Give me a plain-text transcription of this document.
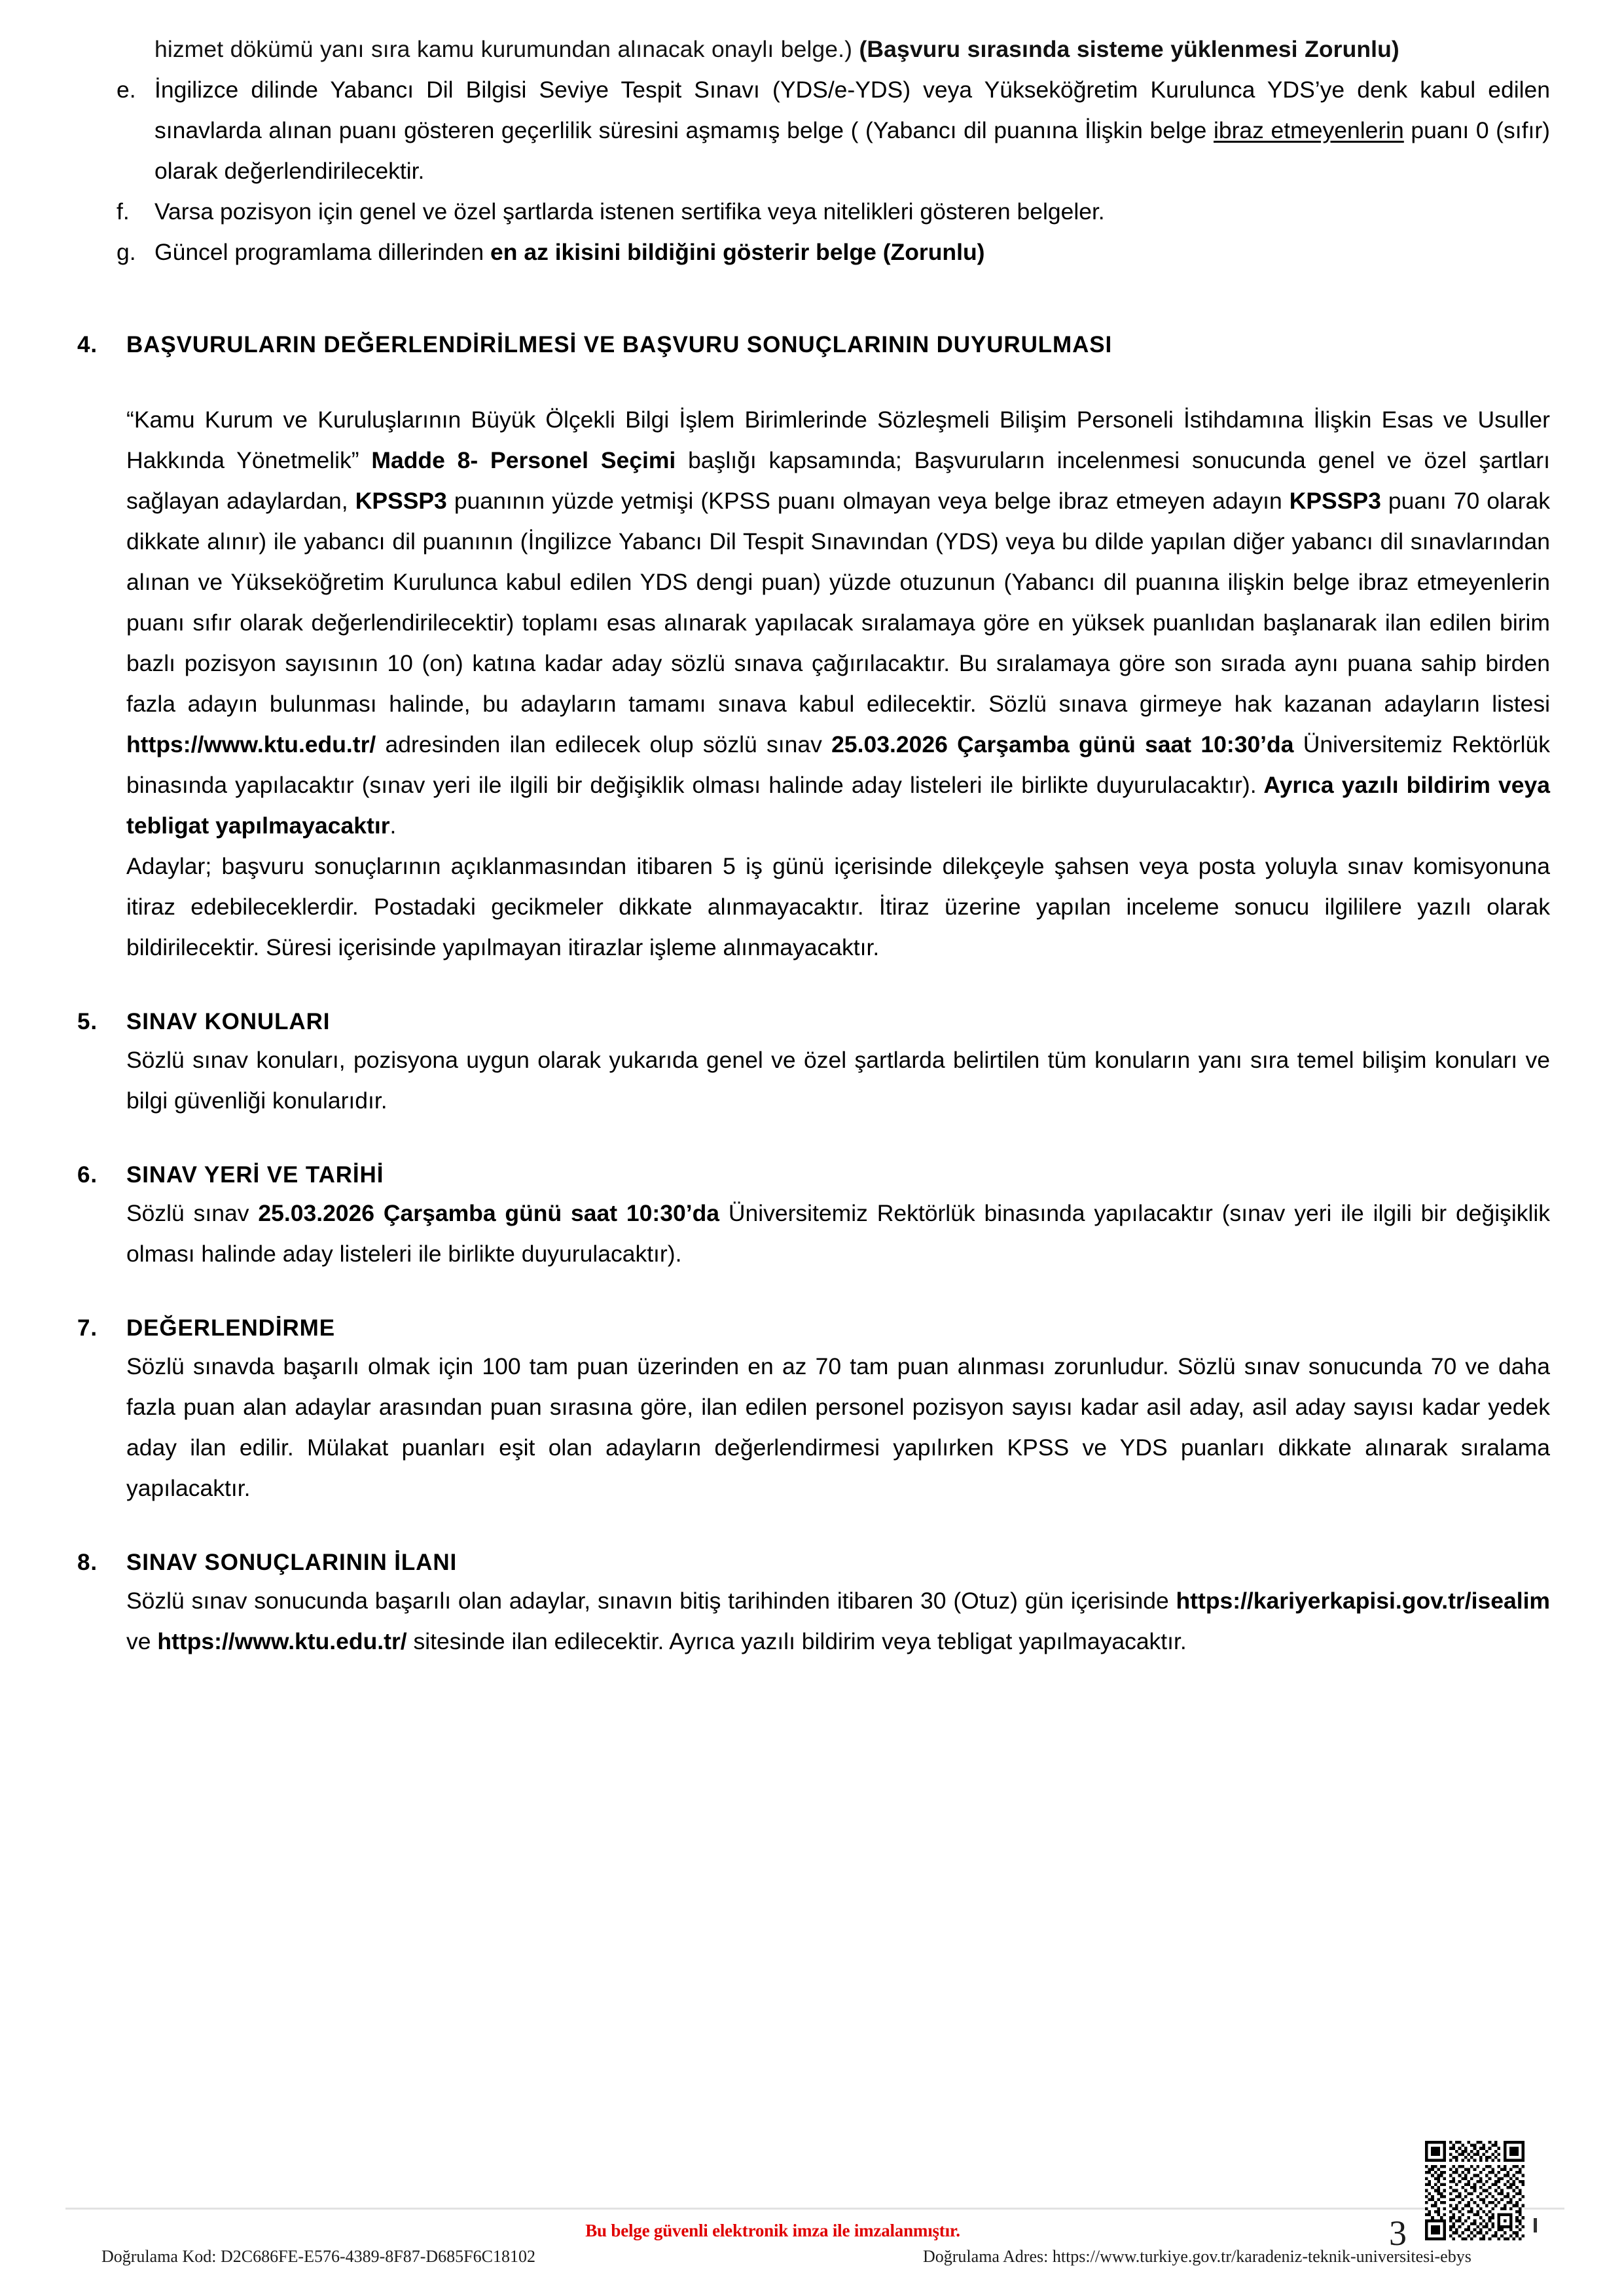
hizmet dökümü yanı sıra kamu kurumundan alınacak onaylı belge.) (Başvuru sırasında sisteme yüklenmesi Zorunlu)

e. İngilizce dilinde Yabancı Dil Bilgisi Seviye Tespit Sınavı (YDS/e-YDS) veya Yükseköğretim Kurulunca YDS’ye denk kabul edilen sınavlarda alınan puanı gösteren geçerlilik süresini aşmamış belge ( (Yabancı dil puanına İlişkin belge ibraz etmeyenlerin puanı 0 (sıfır) olarak değerlendirilecektir.
f.	Varsa pozisyon için genel ve özel şartlarda istenen sertifika veya nitelikleri gösteren belgeler.
g. Güncel programlama dillerinden en az ikisini bildiğini gösterir belge (Zorunlu)
4.	BAŞVURULARIN DEĞERLENDİRİLMESİ VE BAŞVURU SONUÇLARININ DUYURULMASI

“Kamu Kurum ve Kuruluşlarının Büyük Ölçekli Bilgi İşlem Birimlerinde Sözleşmeli Bilişim Personeli İstihdamına İlişkin Esas ve Usuller Hakkında Yönetmelik” Madde 8- Personel Seçimi başlığı kapsamında; Başvuruların incelenmesi sonucunda genel ve özel şartları sağlayan adaylardan, KPSSP3 puanının yüzde yetmişi (KPSS puanı olmayan veya belge ibraz etmeyen adayın KPSSP3 puanı 70 olarak dikkate alınır) ile yabancı dil puanının (İngilizce Yabancı Dil Tespit Sınavından (YDS) veya bu dilde yapılan diğer yabancı dil sınavlarından alınan ve Yükseköğretim Kurulunca kabul edilen YDS dengi puan) yüzde otuzunun (Yabancı dil puanına ilişkin belge ibraz etmeyenlerin puanı sıfır olarak değerlendirilecektir) toplamı esas alınarak yapılacak sıralamaya göre en yüksek puanlıdan başlanarak ilan edilen birim bazlı pozisyon sayısının 10 (on) katına kadar aday sözlü sınava çağırılacaktır. Bu sıralamaya göre son sırada aynı puana sahip birden fazla adayın bulunması halinde, bu adayların tamamı sınava kabul edilecektir. Sözlü sınava girmeye hak kazanan adayların listesi https://www.ktu.edu.tr/ adresinden ilan edilecek olup sözlü sınav 25.03.2026 Çarşamba günü saat 10:30’da Üniversitemiz Rektörlük binasında yapılacaktır (sınav yeri ile ilgili bir değişiklik olması halinde aday listeleri ile birlikte duyurulacaktır). Ayrıca yazılı bildirim veya tebligat yapılmayacaktır.

Adaylar; başvuru sonuçlarının açıklanmasından itibaren 5 iş günü içerisinde dilekçeyle şahsen veya posta yoluyla sınav komisyonuna itiraz edebileceklerdir. Postadaki gecikmeler dikkate alınmayacaktır. İtiraz üzerine yapılan inceleme sonucu ilgililere yazılı olarak bildirilecektir. Süresi içerisinde yapılmayan itirazlar işleme alınmayacaktır.

5.	SINAV KONULARI

Sözlü sınav konuları, pozisyona uygun olarak yukarıda genel ve özel şartlarda belirtilen tüm konuların yanı sıra temel bilişim konuları ve bilgi güvenliği konularıdır.

6.	SINAV YERİ VE TARİHİ

Sözlü sınav 25.03.2026 Çarşamba günü saat 10:30’da Üniversitemiz Rektörlük binasında yapılacaktır (sınav yeri ile ilgili bir değişiklik olması halinde aday listeleri ile birlikte duyurulacaktır).

7.	DEĞERLENDİRME

Sözlü sınavda başarılı olmak için 100 tam puan üzerinden en az 70 tam puan alınması zorunludur. Sözlü sınav sonucunda 70 ve daha fazla puan alan adaylar arasından puan sırasına göre, ilan edilen personel pozisyon sayısı kadar asil aday, asil aday sayısı kadar yedek aday ilan edilir. Mülakat puanları eşit olan adayların değerlendirmesi yapılırken KPSS ve YDS puanları dikkate alınarak sıralama yapılacaktır.

8.	SINAV SONUÇLARININ İLANI

Sözlü sınav sonucunda başarılı olan adaylar, sınavın bitiş tarihinden itibaren 30 (Otuz) gün içerisinde https://kariyerkapisi.gov.tr/isealim ve https://www.ktu.edu.tr/ sitesinde ilan edilecektir. Ayrıca yazılı bildirim veya tebligat yapılmayacaktır.

Bu belge güvenli elektronik imza ile imzalanmıştır.
Doğrulama Kod: D2C686FE-E576-4389-8F87-D685F6C18102	Doğrulama Adres: https://www.turkiye.gov.tr/karadeniz-teknik-universitesi-ebys
3
